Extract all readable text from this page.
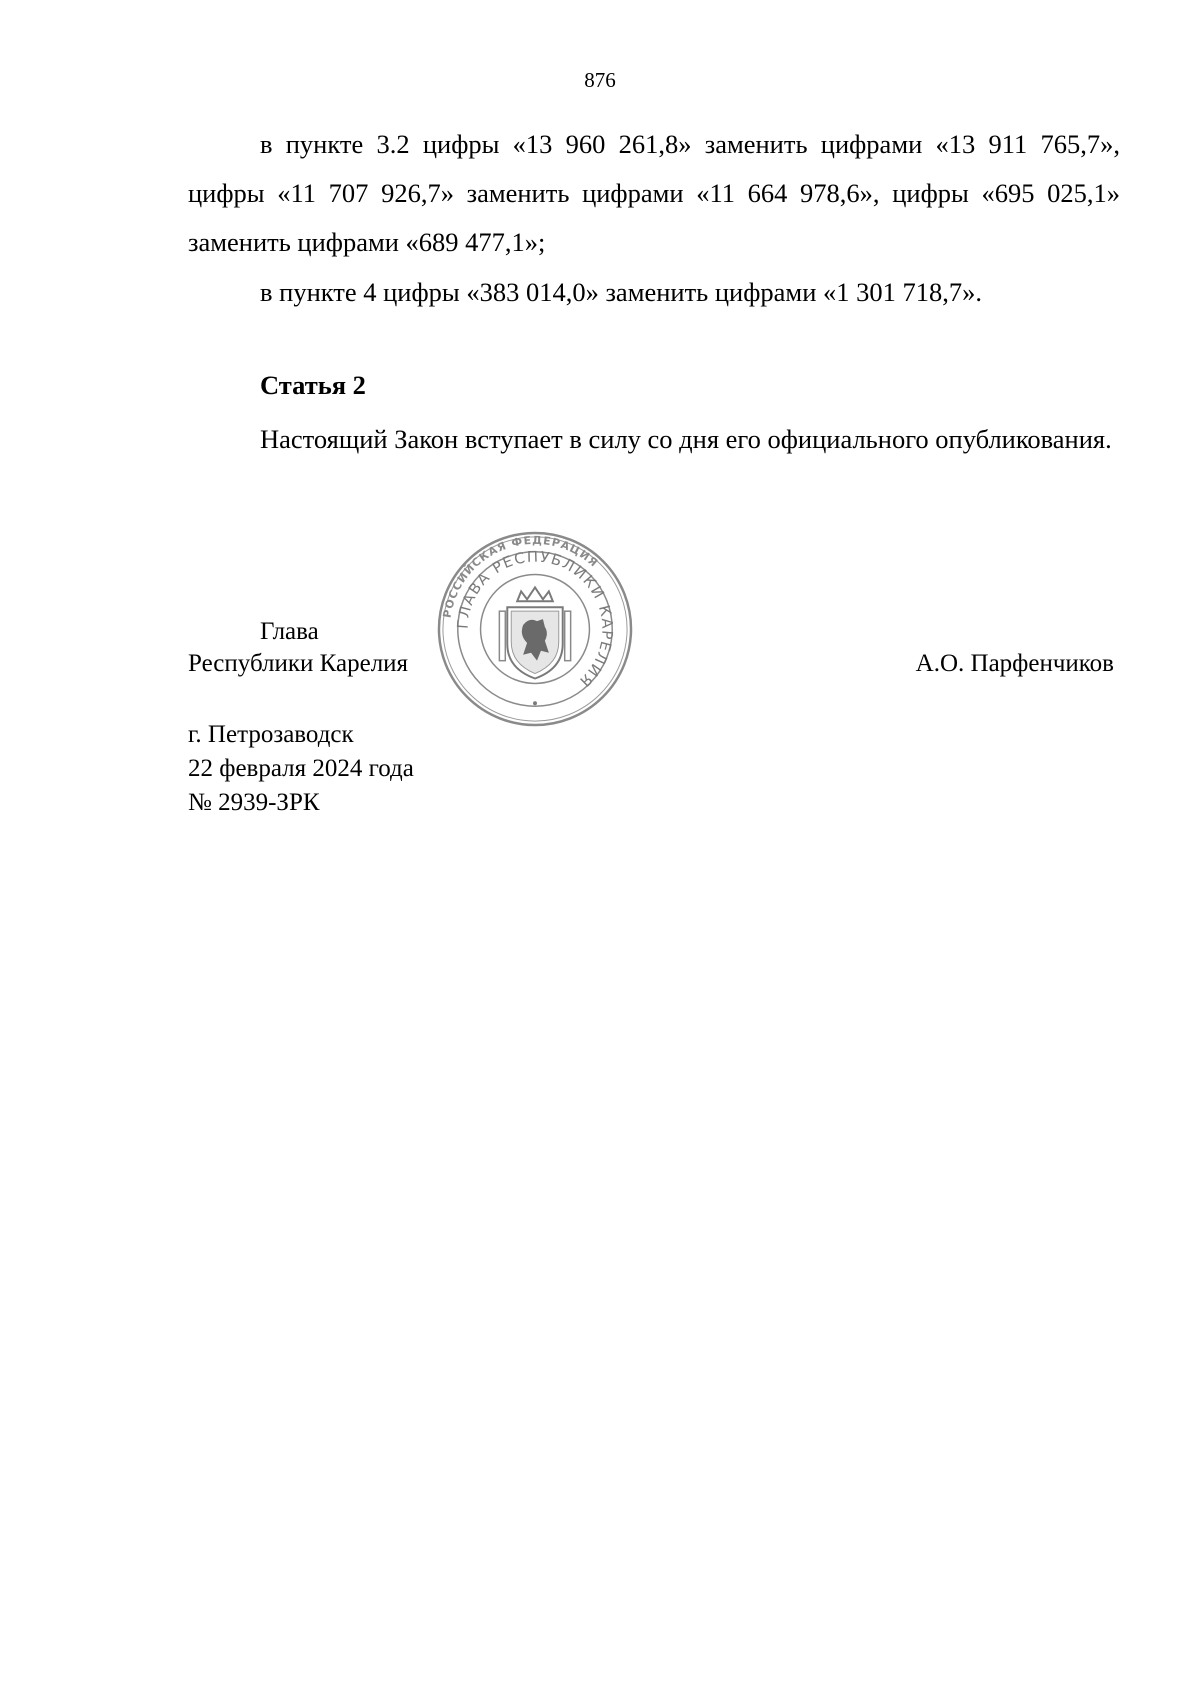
876

в пункте 3.2 цифры «13 960 261,8» заменить цифрами «13 911 765,7», цифры «11 707 926,7» заменить цифрами «11 664 978,6», цифры «695 025,1» заменить цифрами «689 477,1»;

в пункте 4 цифры «383 014,0» заменить цифрами «1 301 718,7».

Статья 2

Настоящий Закон вступает в силу со дня его официального опубликования.

РОССИЙСКАЯ ФЕДЕРАЦИЯ
ГЛАВА РЕСПУБЛИКИ КАРЕЛИЯ
Глава
Республики Карелия	А.О. Парфенчиков
г. Петрозаводск
22 февраля 2024 года
№ 2939-ЗРК
